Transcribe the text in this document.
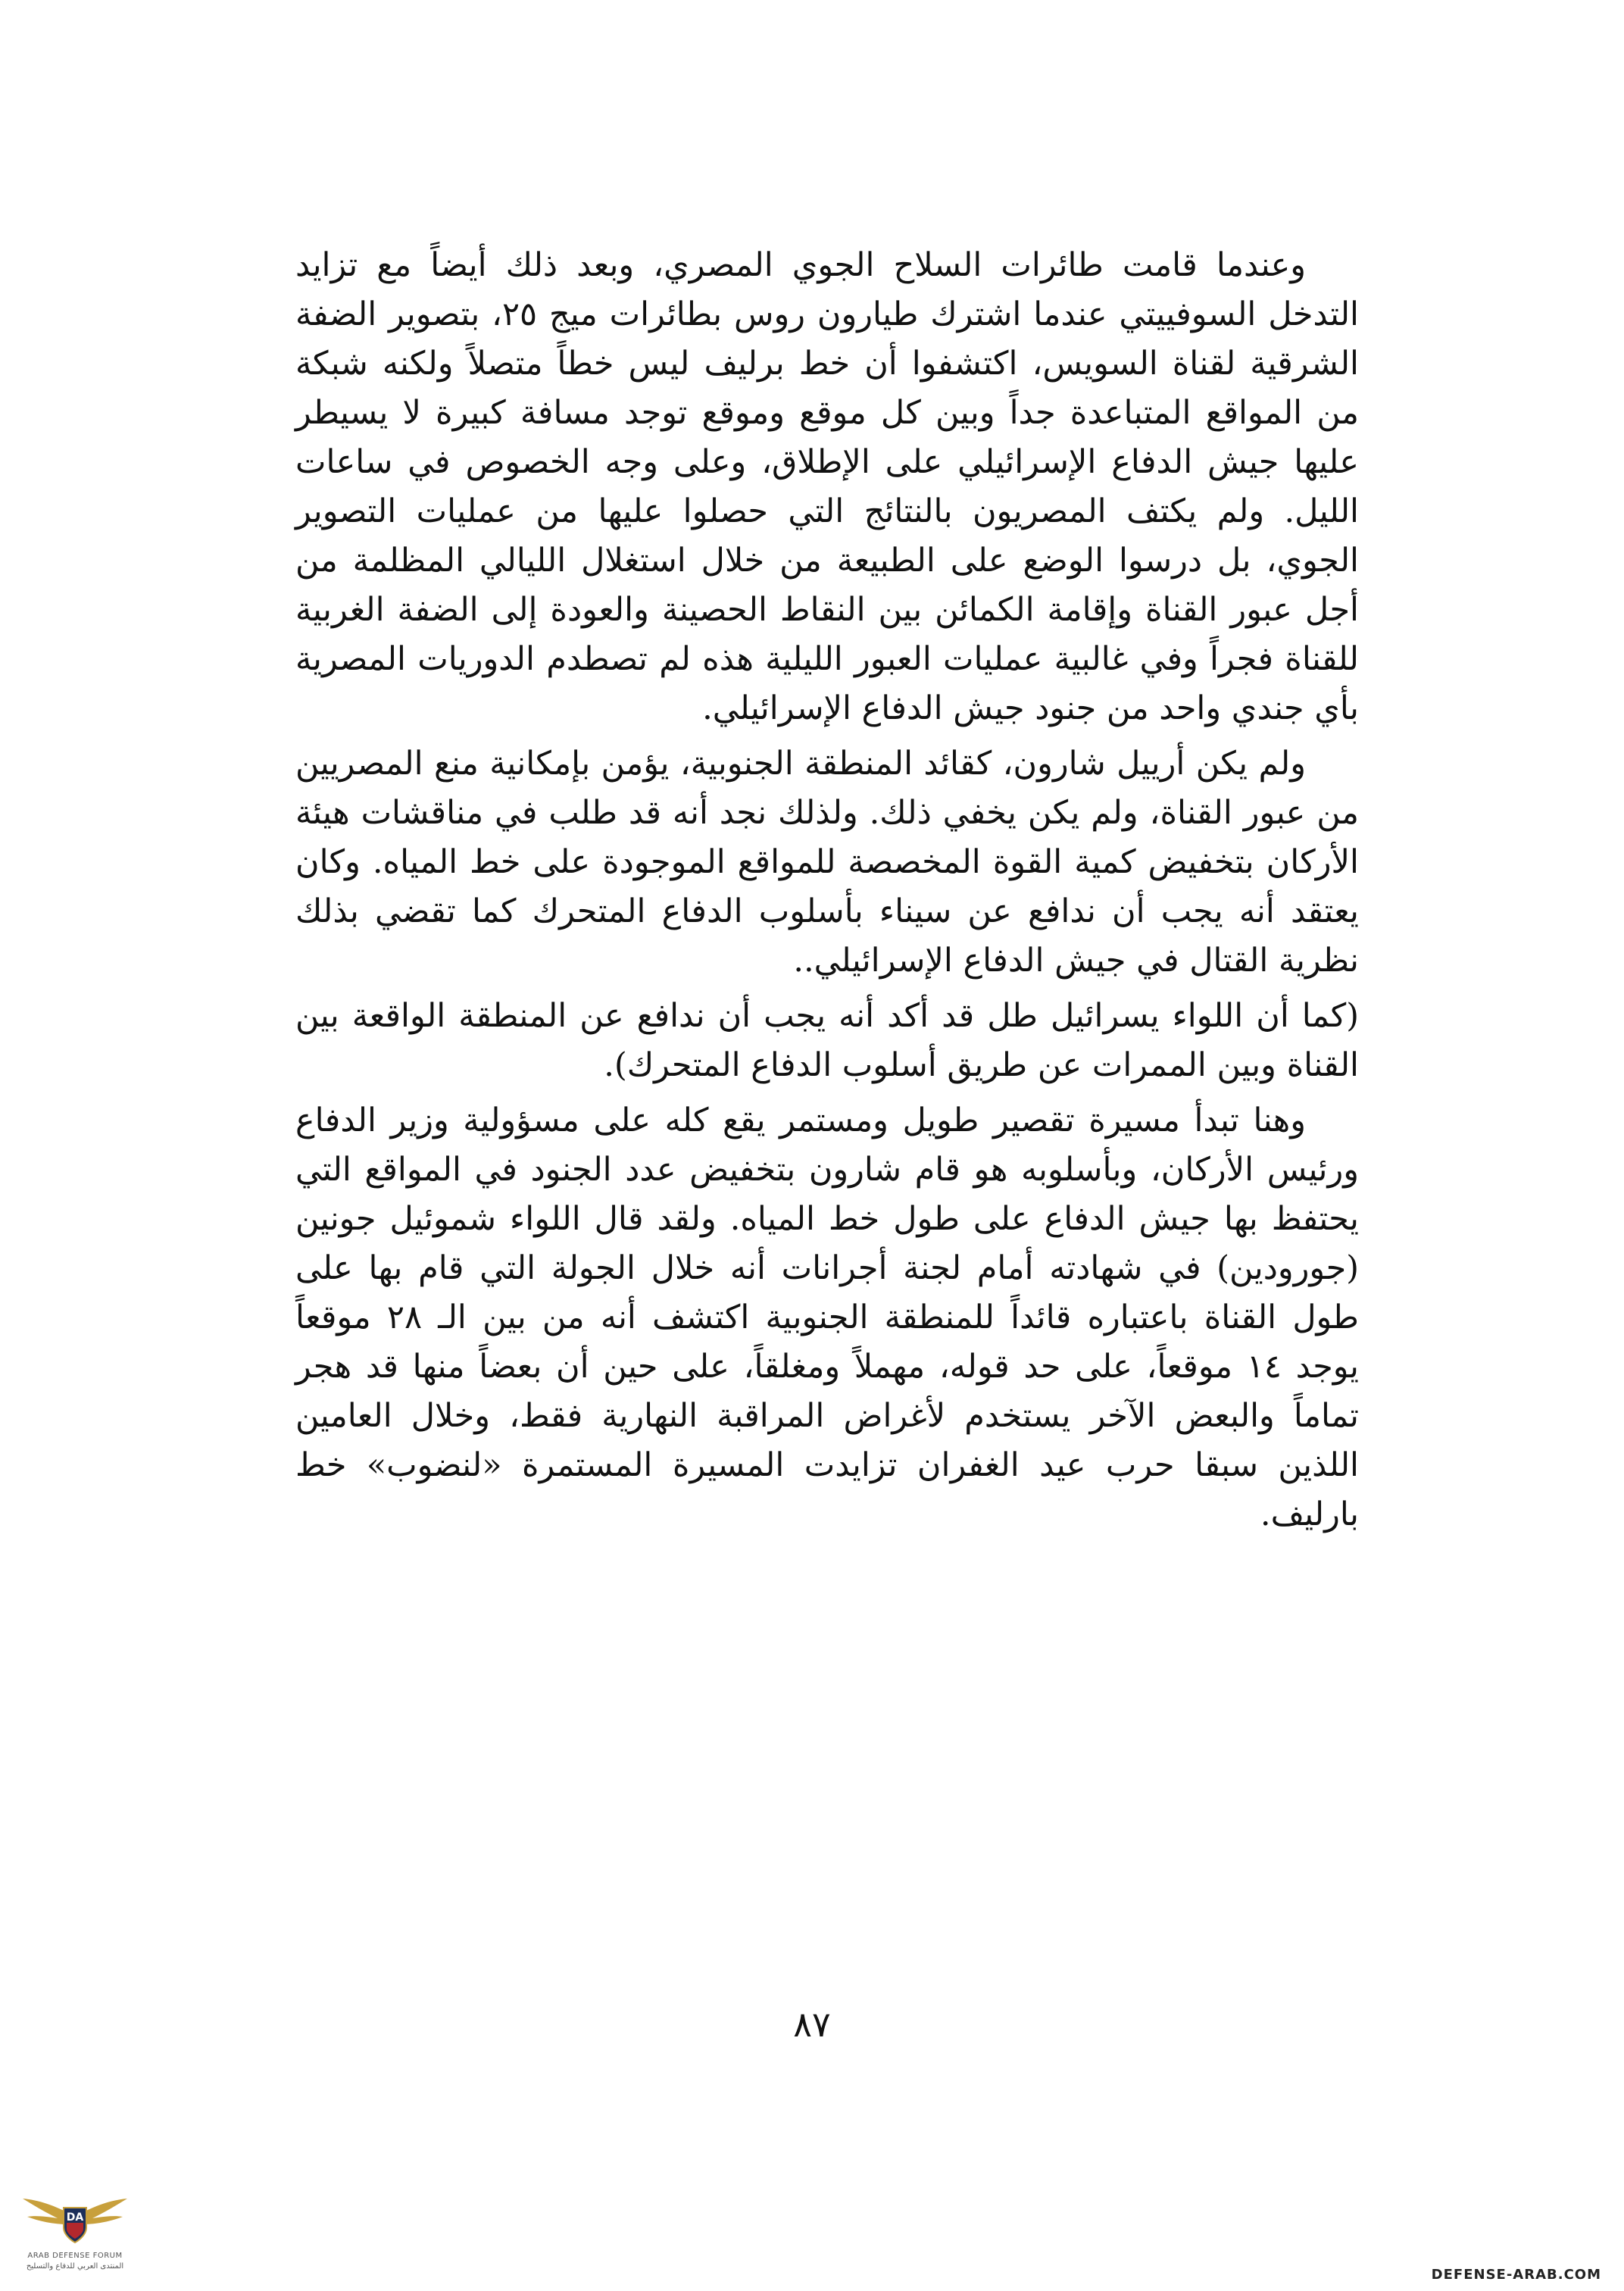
وعندما قامت طائرات السلاح الجوي المصري، وبعد ذلك أيضاً مع تزايد التدخل السوفييتي عندما اشترك طيارون روس بطائرات ميج ٢٥، بتصوير الضفة الشرقية لقناة السويس، اكتشفوا أن خط برليف ليس خطاً متصلاً ولكنه شبكة من المواقع المتباعدة جداً وبين كل موقع وموقع توجد مسافة كبيرة لا يسيطر عليها جيش الدفاع الإسرائيلي على الإطلاق، وعلى وجه الخصوص في ساعات الليل. ولم يكتف المصريون بالنتائج التي حصلوا عليها من عمليات التصوير الجوي، بل درسوا الوضع على الطبيعة من خلال استغلال الليالي المظلمة من أجل عبور القناة وإقامة الكمائن بين النقاط الحصينة والعودة إلى الضفة الغربية للقناة فجراً وفي غالبية عمليات العبور الليلية هذه لم تصطدم الدوريات المصرية بأي جندي واحد من جنود جيش الدفاع الإسرائيلي.

ولم يكن أرييل شارون، كقائد المنطقة الجنوبية، يؤمن بإمكانية منع المصريين من عبور القناة، ولم يكن يخفي ذلك. ولذلك نجد أنه قد طلب في مناقشات هيئة الأركان بتخفيض كمية القوة المخصصة للمواقع الموجودة على خط المياه. وكان يعتقد أنه يجب أن ندافع عن سيناء بأسلوب الدفاع المتحرك كما تقضي بذلك نظرية القتال في جيش الدفاع الإسرائيلي..

(كما أن اللواء يسرائيل طل قد أكد أنه يجب أن ندافع عن المنطقة الواقعة بين القناة وبين الممرات عن طريق أسلوب الدفاع المتحرك).

وهنا تبدأ مسيرة تقصير طويل ومستمر يقع كله على مسؤولية وزير الدفاع ورئيس الأركان، وبأسلوبه هو قام شارون بتخفيض عدد الجنود في المواقع التي يحتفظ بها جيش الدفاع على طول خط المياه. ولقد قال اللواء شموئيل جونين (جورودين) في شهادته أمام لجنة أجرانات أنه خلال الجولة التي قام بها على طول القناة باعتباره قائداً للمنطقة الجنوبية اكتشف أنه من بين الـ ٢٨ موقعاً يوجد ١٤ موقعاً، على حد قوله، مهملاً ومغلقاً، على حين أن بعضاً منها قد هجر تماماً والبعض الآخر يستخدم لأغراض المراقبة النهارية فقط، وخلال العامين اللذين سبقا حرب عيد الغفران تزايدت المسيرة المستمرة «لنضوب» خط بارليف.

٨٧
DA
ARAB DEFENSE FORUM
المنتدى العربي للدفاع والتسليح
DEFENSE-ARAB.COM
